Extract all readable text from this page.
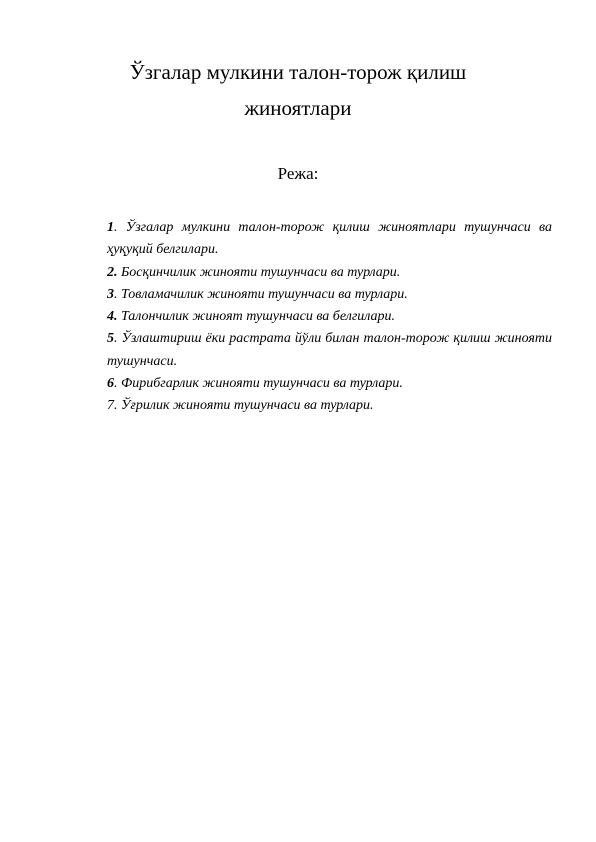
Ўзгалар мулкини талон-торож қилиш
жиноятлари
Режа:
1. Ўзгалар мулкини талон-торож қилиш жиноятлари тушунчаси ва ҳуқуқий белгилари.
2. Босқинчилик жинояти тушунчаси ва турлари.
3. Товламачилик жинояти тушунчаси ва турлари.
4. Талончилик жиноят тушунчаси ва белгилари.
5. Ўзлаштириш ёки растрата йўли билан талон-торож қилиш жинояти тушунчаси.
6. Фирибгарлик жинояти тушунчаси ва турлари.
7. Ўғрилик жинояти тушунчаси ва турлари.
